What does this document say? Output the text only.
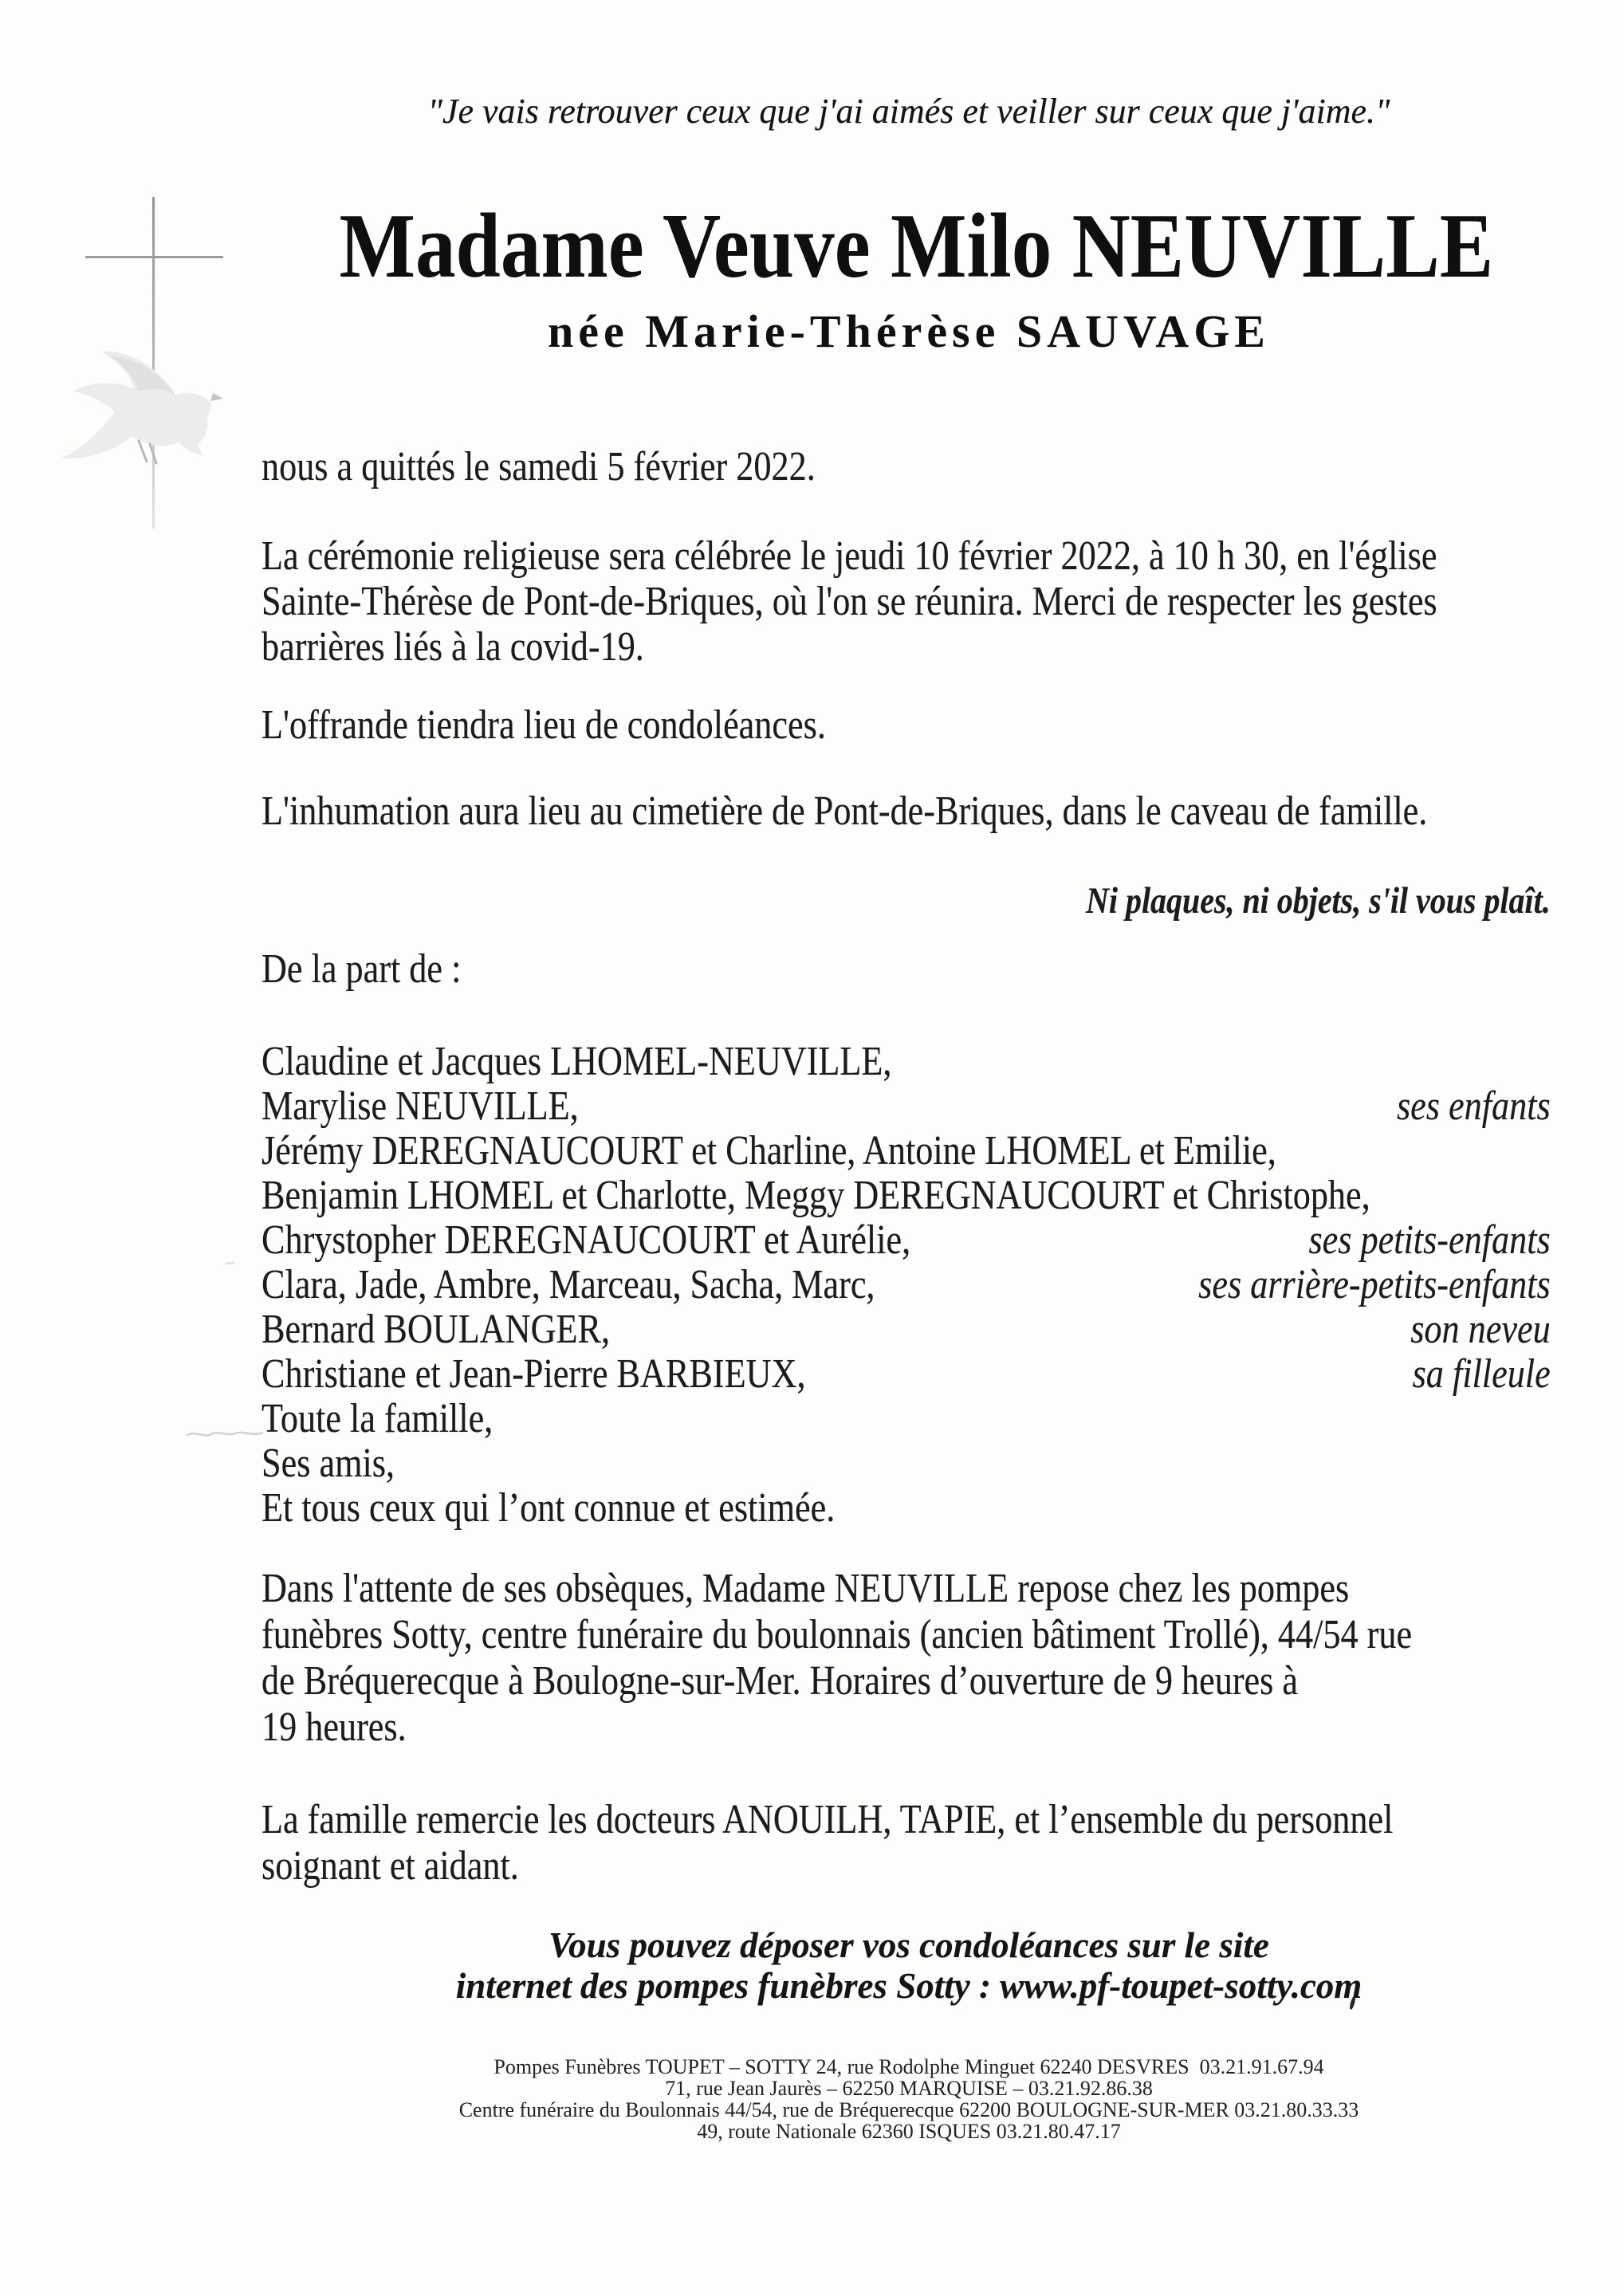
"Je vais retrouver ceux que j'ai aimés et veiller sur ceux que j'aime."
Madame Veuve Milo NEUVILLE
née Marie-Thérèse SAUVAGE
nous a quittés le samedi 5 février 2022.
La cérémonie religieuse sera célébrée le jeudi 10 février 2022, à 10 h 30, en l'église
Sainte-Thérèse de Pont-de-Briques, où l'on se réunira. Merci de respecter les gestes
barrières liés à la covid-19.
L'offrande tiendra lieu de condoléances.
L'inhumation aura lieu au cimetière de Pont-de-Briques, dans le caveau de famille.
Ni plaques, ni objets, s'il vous plaît.
De la part de :
Claudine et Jacques LHOMEL-NEUVILLE,
Marylise NEUVILLE,	ses enfants
Jérémy DEREGNAUCOURT et Charline, Antoine LHOMEL et Emilie,
Benjamin LHOMEL et Charlotte, Meggy DEREGNAUCOURT et Christophe,
Chrystopher DEREGNAUCOURT et Aurélie,	ses petits-enfants
Clara, Jade, Ambre, Marceau, Sacha, Marc,	ses arrière-petits-enfants
Bernard BOULANGER,	son neveu
Christiane et Jean-Pierre BARBIEUX,	sa filleule
Toute la famille,
Ses amis,
Et tous ceux qui l’ont connue et estimée.
Dans l'attente de ses obsèques, Madame NEUVILLE repose chez les pompes
funèbres Sotty, centre funéraire du boulonnais (ancien bâtiment Trollé), 44/54 rue
de Bréquerecque à Boulogne-sur-Mer. Horaires d’ouverture de 9 heures à
19 heures.
La famille remercie les docteurs ANOUILH, TAPIE, et l’ensemble du personnel
soignant et aidant.
Vous pouvez déposer vos condoléances sur le site
internet des pompes funèbres Sotty : www.pf-toupet-sotty.com
Pompes Funèbres TOUPET – SOTTY 24, rue Rodolphe Minguet 62240 DESVRES  03.21.91.67.94
71, rue Jean Jaurès – 62250 MARQUISE – 03.21.92.86.38
Centre funéraire du Boulonnais 44/54, rue de Bréquerecque 62200 BOULOGNE-SUR-MER 03.21.80.33.33
49, route Nationale 62360 ISQUES 03.21.80.47.17
